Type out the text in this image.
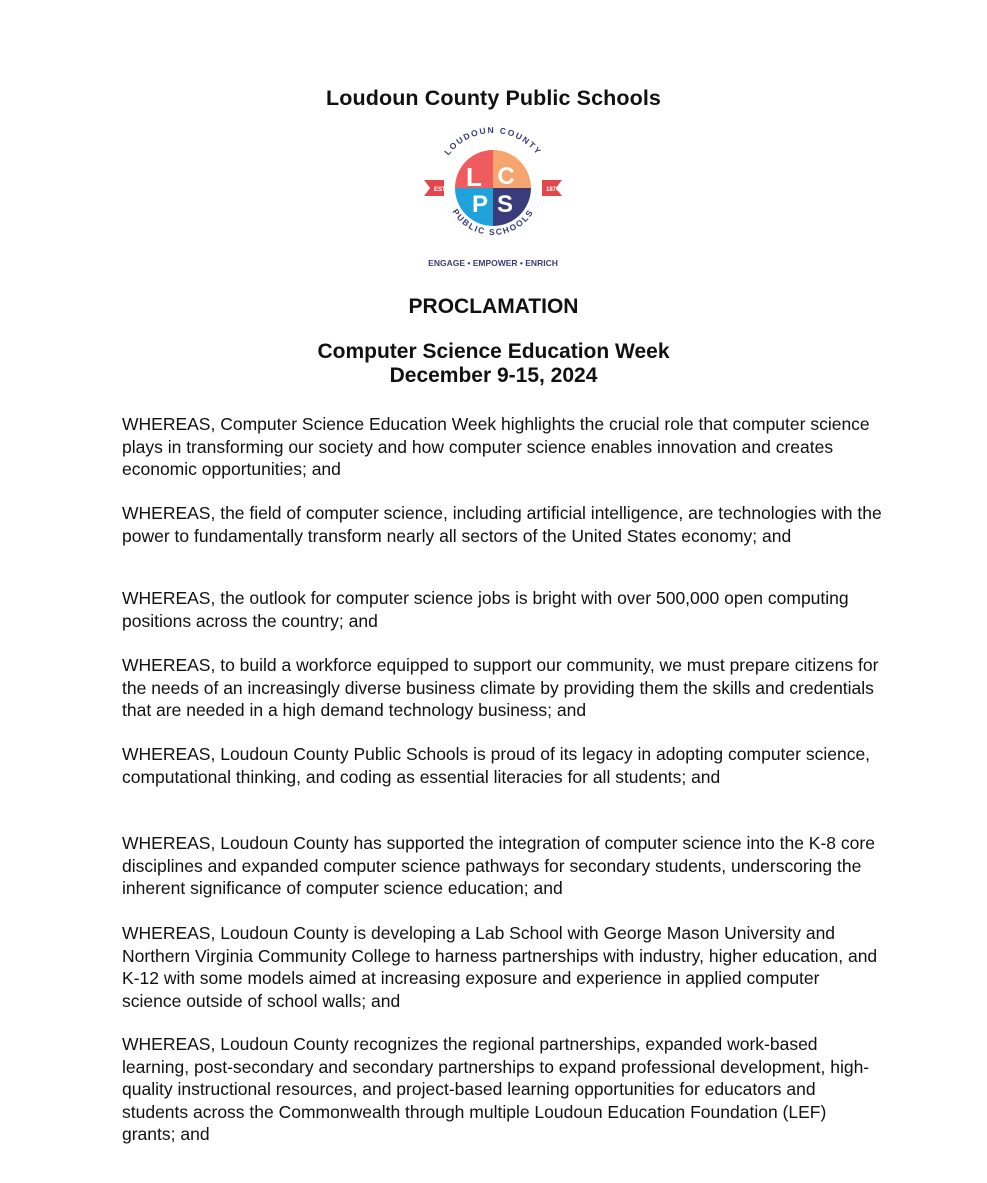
Loudoun County Public Schools
EST	1870
L C
P S
LOUDOUN COUNTY
PUBLIC SCHOOLS
ENGAGE • EMPOWER • ENRICH
PROCLAMATION
Computer Science Education Week
December 9-15, 2024

WHEREAS, Computer Science Education Week highlights the crucial role that computer science plays in transforming our society and how computer science enables innovation and creates economic opportunities; and

WHEREAS, the field of computer science, including artificial intelligence, are technologies with the power to fundamentally transform nearly all sectors of the United States economy; and

WHEREAS, the outlook for computer science jobs is bright with over 500,000 open computing positions across the country; and

WHEREAS, to build a workforce equipped to support our community, we must prepare citizens for the needs of an increasingly diverse business climate by providing them the skills and credentials that are needed in a high demand technology business; and

WHEREAS, Loudoun County Public Schools is proud of its legacy in adopting computer science, computational thinking, and coding as essential literacies for all students; and

WHEREAS, Loudoun County has supported the integration of computer science into the K-8 core disciplines and expanded computer science pathways for secondary students, underscoring the inherent significance of computer science education; and

WHEREAS, Loudoun County is developing a Lab School with George Mason University and Northern Virginia Community College to harness partnerships with industry, higher education, and K-12 with some models aimed at increasing exposure and experience in applied computer science outside of school walls; and

WHEREAS, Loudoun County recognizes the regional partnerships, expanded work-based learning, post-secondary and secondary partnerships to expand professional development, high-quality instructional resources, and project-based learning opportunities for educators and students across the Commonwealth through multiple Loudoun Education Foundation (LEF) grants; and
